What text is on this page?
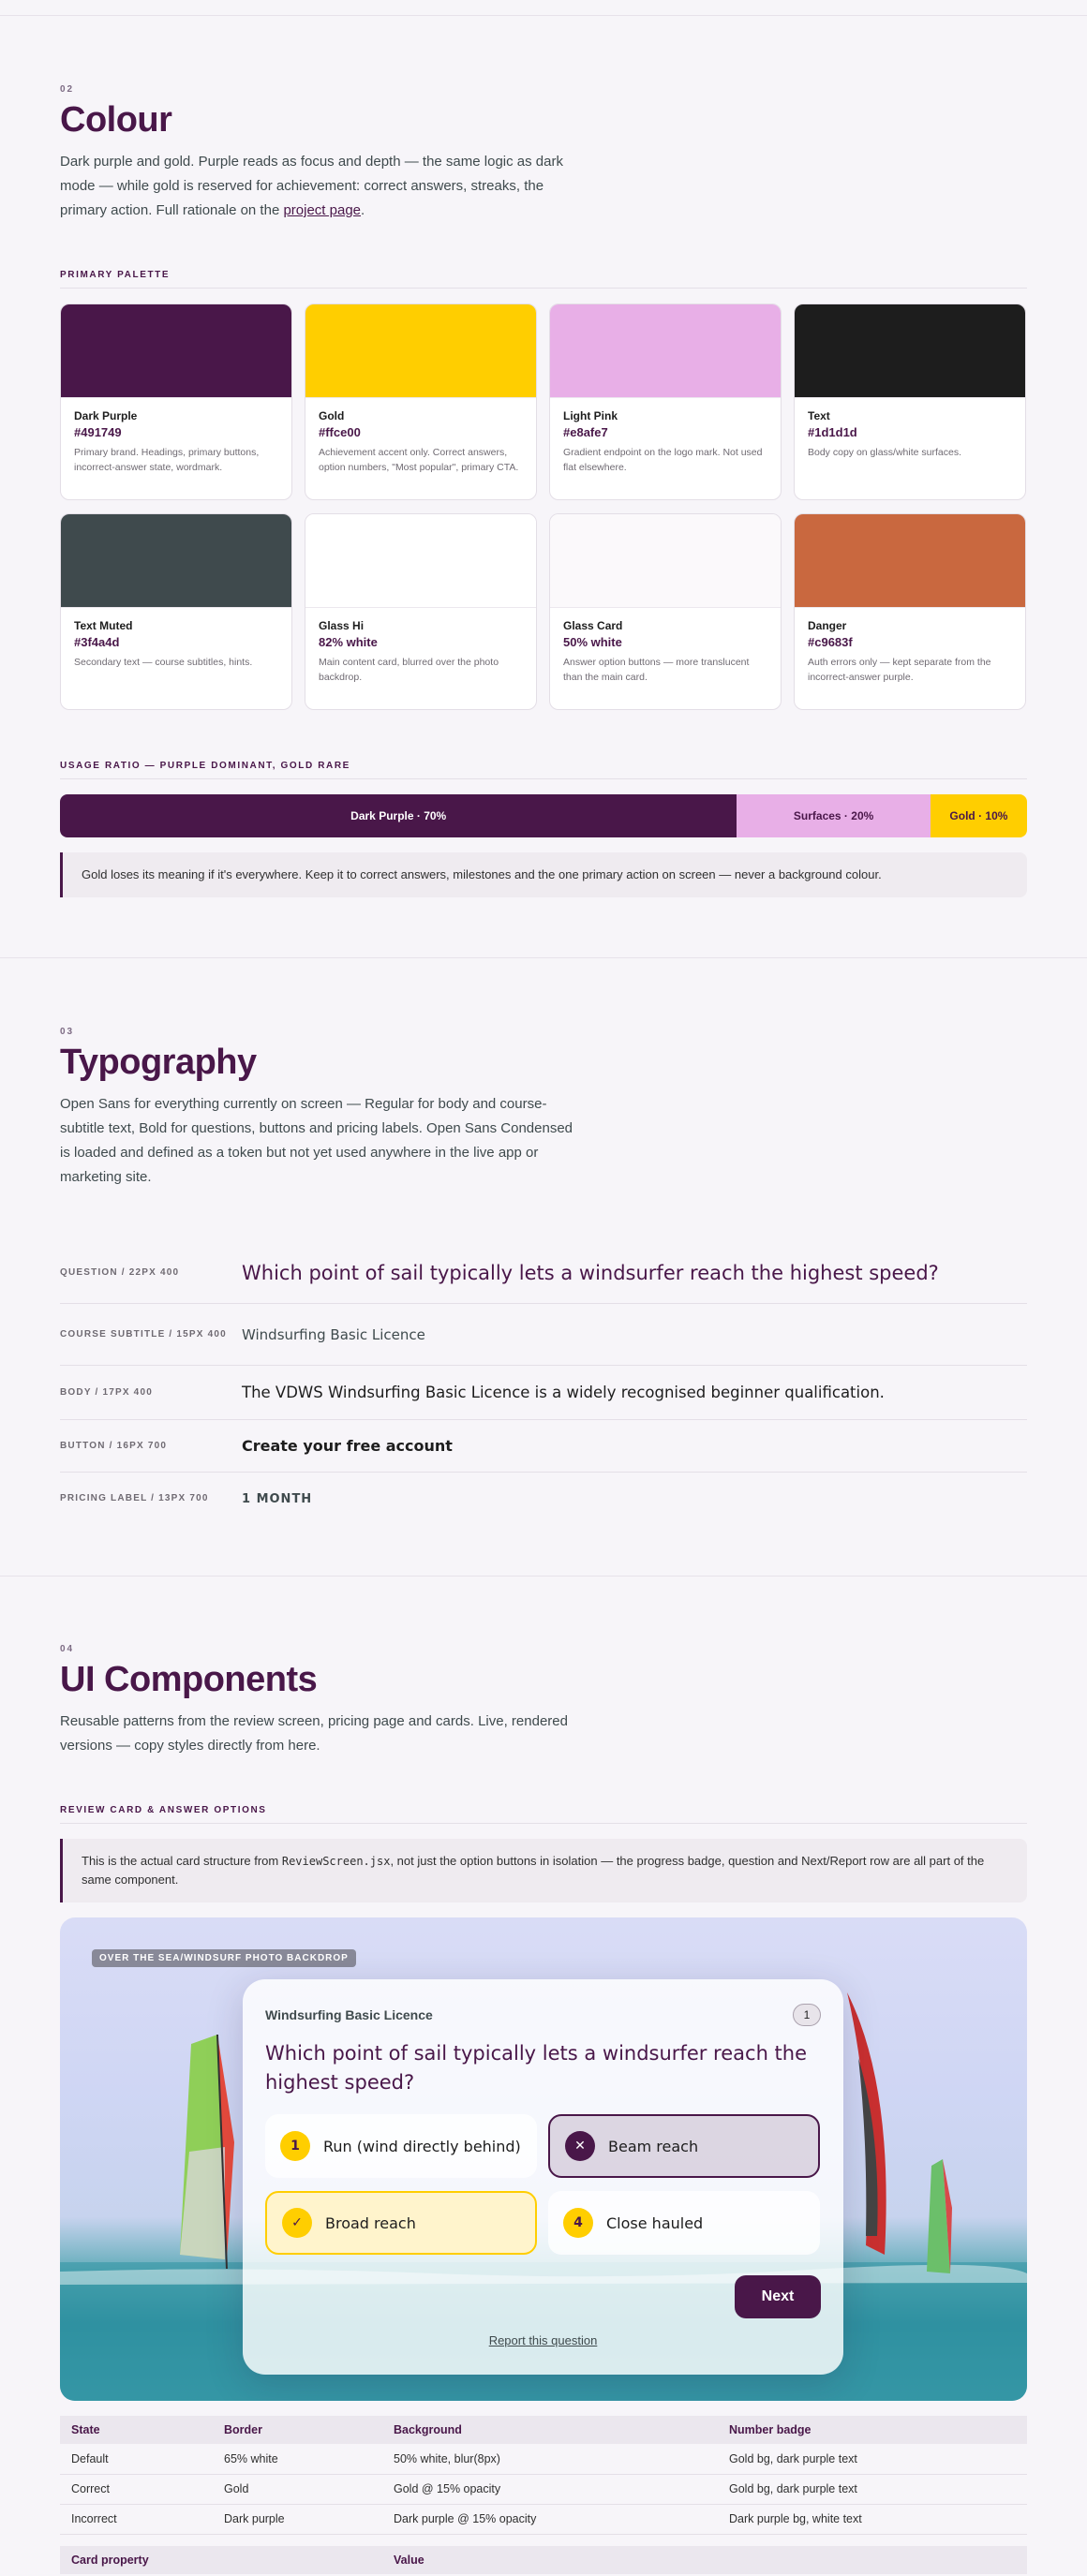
02
Colour

Dark purple and gold. Purple reads as focus and depth — the same logic as dark mode — while gold is reserved for achievement: correct answers, streaks, the primary action. Full rationale on the project page.

PRIMARY PALETTE
Dark Purple
#491749
Primary brand. Headings, primary buttons, incorrect-answer state, wordmark.
Gold
#ffce00
Achievement accent only. Correct answers, option numbers, "Most popular", primary CTA.
Light Pink
#e8afe7
Gradient endpoint on the logo mark. Not used flat elsewhere.
Text
#1d1d1d
Body copy on glass/white surfaces.
Text Muted
#3f4a4d
Secondary text — course subtitles, hints.
Glass Hi
82% white
Main content card, blurred over the photo backdrop.
Glass Card
50% white
Answer option buttons — more translucent than the main card.
Danger
#c9683f
Auth errors only — kept separate from the incorrect-answer purple.
USAGE RATIO — PURPLE DOMINANT, GOLD RARE
Dark Purple · 70%	Surfaces · 20%	Gold · 10%
Gold loses its meaning if it's everywhere. Keep it to correct answers, milestones and the one primary action on screen — never a background colour.
03
Typography

Open Sans for everything currently on screen — Regular for body and course-subtitle text, Bold for questions, buttons and pricing labels. Open Sans Condensed is loaded and defined as a token but not yet used anywhere in the live app or marketing site.

QUESTION / 22PX 400	Which point of sail typically lets a windsurfer reach the highest speed?
COURSE SUBTITLE / 15PX 400	Windsurfing Basic Licence
BODY / 17PX 400	The VDWS Windsurfing Basic Licence is a widely recognised beginner qualification.
BUTTON / 16PX 700	Create your free account
PRICING LABEL / 13PX 700	1 MONTH
04
UI Components

Reusable patterns from the review screen, pricing page and cards. Live, rendered versions — copy styles directly from here.

REVIEW CARD & ANSWER OPTIONS
This is the actual card structure from ReviewScreen.jsx, not just the option buttons in isolation — the progress badge, question and Next/Report row are all part of the same component.
OVER THE SEA/WINDSURF PHOTO BACKDROP
Windsurfing Basic Licence	1
Which point of sail typically lets a windsurfer reach the highest speed?
1	Run (wind directly behind)	✕	Beam reach
✓	Broad reach	4	Close hauled
Next
Report this question
State	Border	Background	Number badge
Default	65% white	50% white, blur(8px)	Gold bg, dark purple text
Correct	Gold	Gold @ 15% opacity	Gold bg, dark purple text
Incorrect	Dark purple	Dark purple @ 15% opacity	Dark purple bg, white text
Card property	Value
